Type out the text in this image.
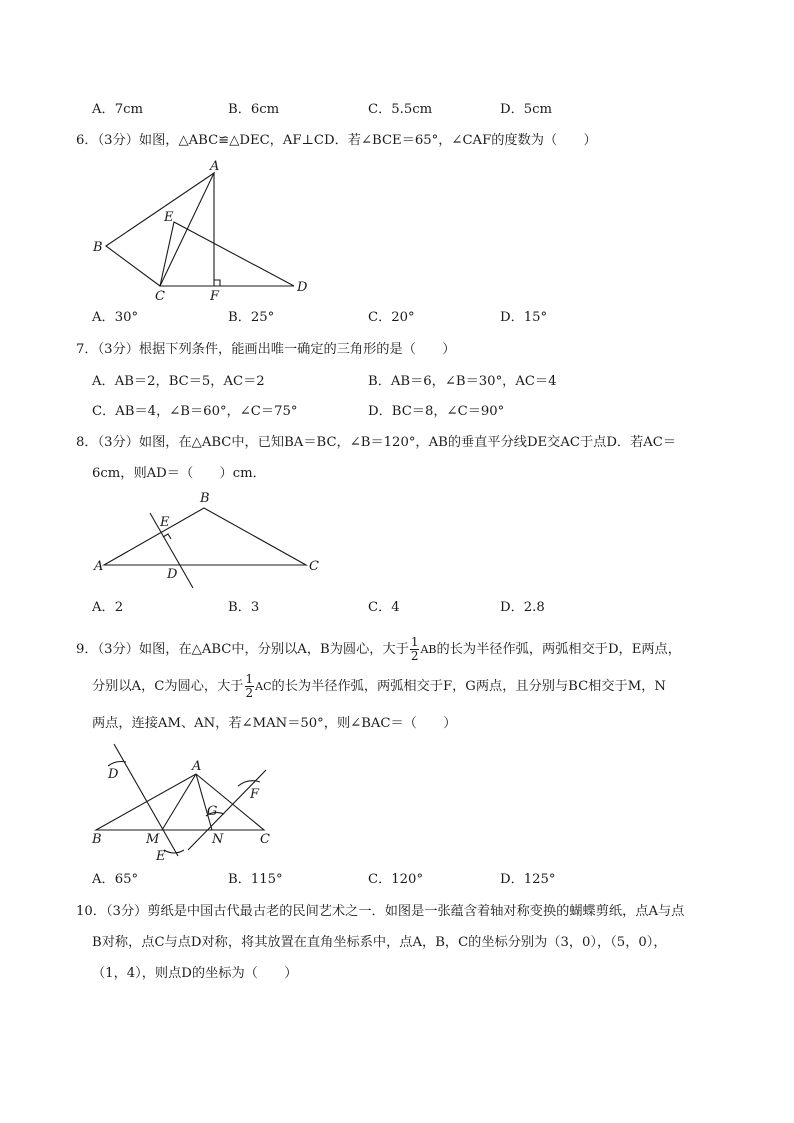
A．7cm	B．6cm	C．5.5cm	D．5cm
6．（3分）如图，△ABC≌△DEC，AF⊥CD．若∠BCE＝65°，∠CAF的度数为（　　）
A
B
C
D
E
F
A．30°	B．25°	C．20°	D．15°
7．（3分）根据下列条件，能画出唯一确定的三角形的是（　　）
A．AB＝2，BC＝5，AC＝2	B．AB＝6，∠B＝30°，AC＝4
C．AB＝4，∠B＝60°，∠C＝75°	D．BC＝8，∠C＝90°
8．（3分）如图，在△ABC中，已知BA＝BC，∠B＝120°，AB的垂直平分线DE交AC于点D．若AC＝
6cm，则AD＝（　　）cm．
A
B
C
D
E
A．2	B．3	C．4	D．2.8
9．（3分）如图，在△ABC中，分别以A，B为圆心，大于 $\frac{1}{2}$ AB的长为半径作弧，两弧相交于D，E两点，
分别以A，C为圆心，大于 $\frac{1}{2}$ AC的长为半径作弧，两弧相交于F，G两点，且分别与BC相交于M，N
两点，连接AM、AN，若∠MAN＝50°，则∠BAC＝（　　）
D
A
F
G
B	M	N	C
E
A．65°	B．115°	C．120°	D．125°
10．（3分）剪纸是中国古代最古老的民间艺术之一．如图是一张蕴含着轴对称变换的蝴蝶剪纸，点A与点
B对称，点C与点D对称，将其放置在直角坐标系中，点A，B，C的坐标分别为（3，0），（5，0），
（1，4），则点D的坐标为（　　）
